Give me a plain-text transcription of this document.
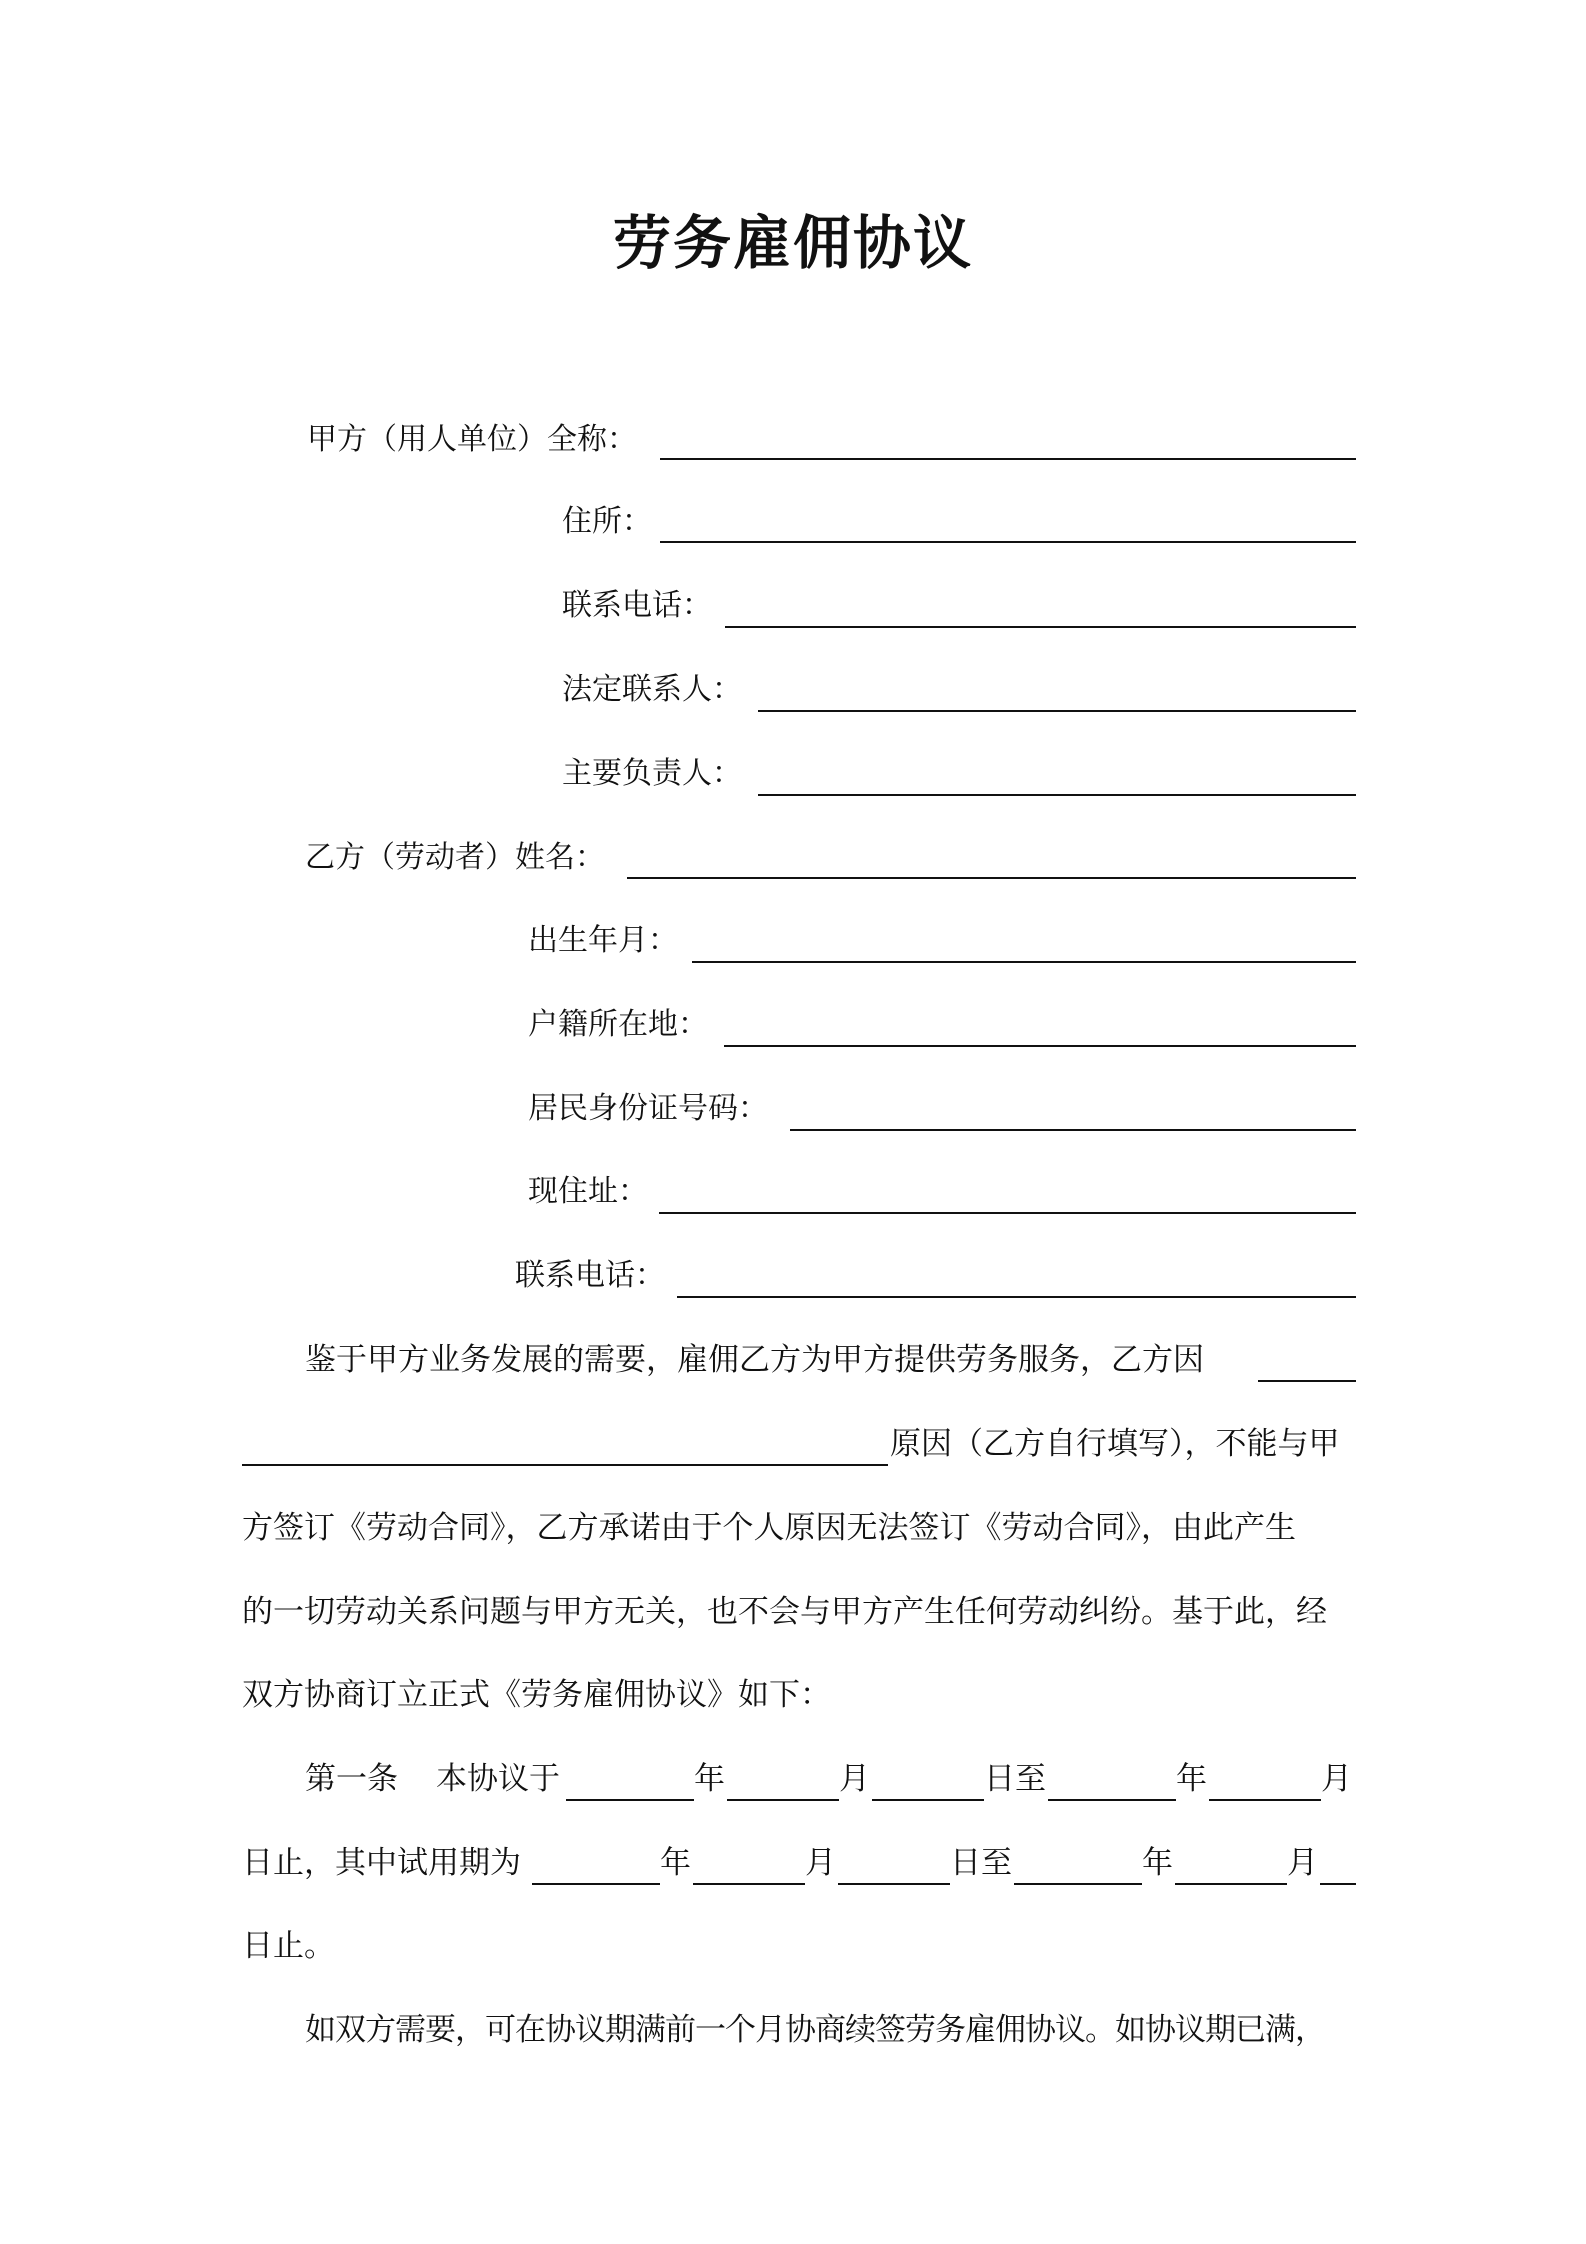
劳务雇佣协议
甲方（用人单位）全称：
住所：
联系电话：
法定联系人：
主要负责人：
乙方（劳动者）姓名：
出生年月：
户籍所在地：
居民身份证号码：
现住址：
联系电话：
鉴于甲方业务发展的需要，雇佣乙方为甲方提供劳务服务，乙方因
原因（乙方自行填写），不能与甲
方签订《劳动合同》，乙方承诺由于个人原因无法签订《劳动合同》，由此产生
的一切劳动关系问题与甲方无关，也不会与甲方产生任何劳动纠纷。基于此，经
双方协商订立正式《劳务雇佣协议》如下：
第一条 本协议于	年	月	日至	年	月
日止，其中试用期为	年	月	日至	年	月
日止。
如双方需要，可在协议期满前一个月协商续签劳务雇佣协议。如协议期已满，
